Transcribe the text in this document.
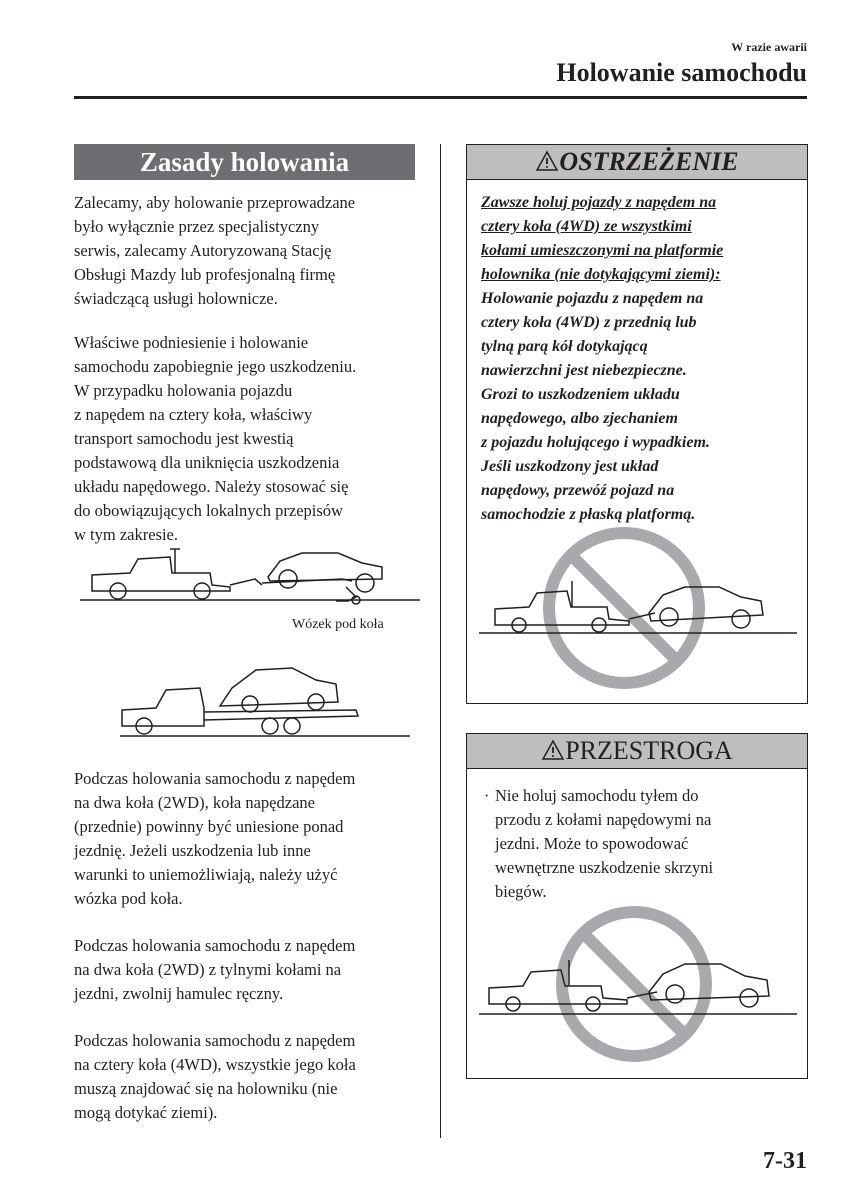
W razie awarii
Holowanie samochodu
Zasady holowania

Zalecamy, aby holowanie przeprowadzane
było wyłącznie przez specjalistyczny
serwis, zalecamy Autoryzowaną Stację
Obsługi Mazdy lub profesjonalną firmę
świadczącą usługi holownicze.

Właściwe podniesienie i holowanie
samochodu zapobiegnie jego uszkodzeniu.
W przypadku holowania pojazdu
z napędem na cztery koła, właściwy
transport samochodu jest kwestią
podstawową dla uniknięcia uszkodzenia
układu napędowego. Należy stosować się
do obowiązujących lokalnych przepisów
w tym zakresie.

Wózek pod koła

Podczas holowania samochodu z napędem
na dwa koła (2WD), koła napędzane
(przednie) powinny być uniesione ponad
jezdnię. Jeżeli uszkodzenia lub inne
warunki to uniemożliwiają, należy użyć
wózka pod koła.

Podczas holowania samochodu z napędem
na dwa koła (2WD) z tylnymi kołami na
jezdni, zwolnij hamulec ręczny.

Podczas holowania samochodu z napędem
na cztery koła (4WD), wszystkie jego koła
muszą znajdować się na holowniku (nie
mogą dotykać ziemi).

OSTRZEŻENIE
Zawsze holuj pojazdy z napędem na
cztery koła (4WD) ze wszystkimi
kołami umieszczonymi na platformie
holownika (nie dotykającymi ziemi):
Holowanie pojazdu z napędem na
cztery koła (4WD) z przednią lub
tylną parą kół dotykającą
nawierzchni jest niebezpieczne.
Grozi to uszkodzeniem układu
napędowego, albo zjechaniem
z pojazdu holującego i wypadkiem.
Jeśli uszkodzony jest układ
napędowy, przewóź pojazd na
samochodzie z płaską platformą.
PRZESTROGA
· Nie holuj samochodu tyłem do
przodu z kołami napędowymi na
jezdni. Może to spowodować
wewnętrzne uszkodzenie skrzyni
biegów.
7-31
